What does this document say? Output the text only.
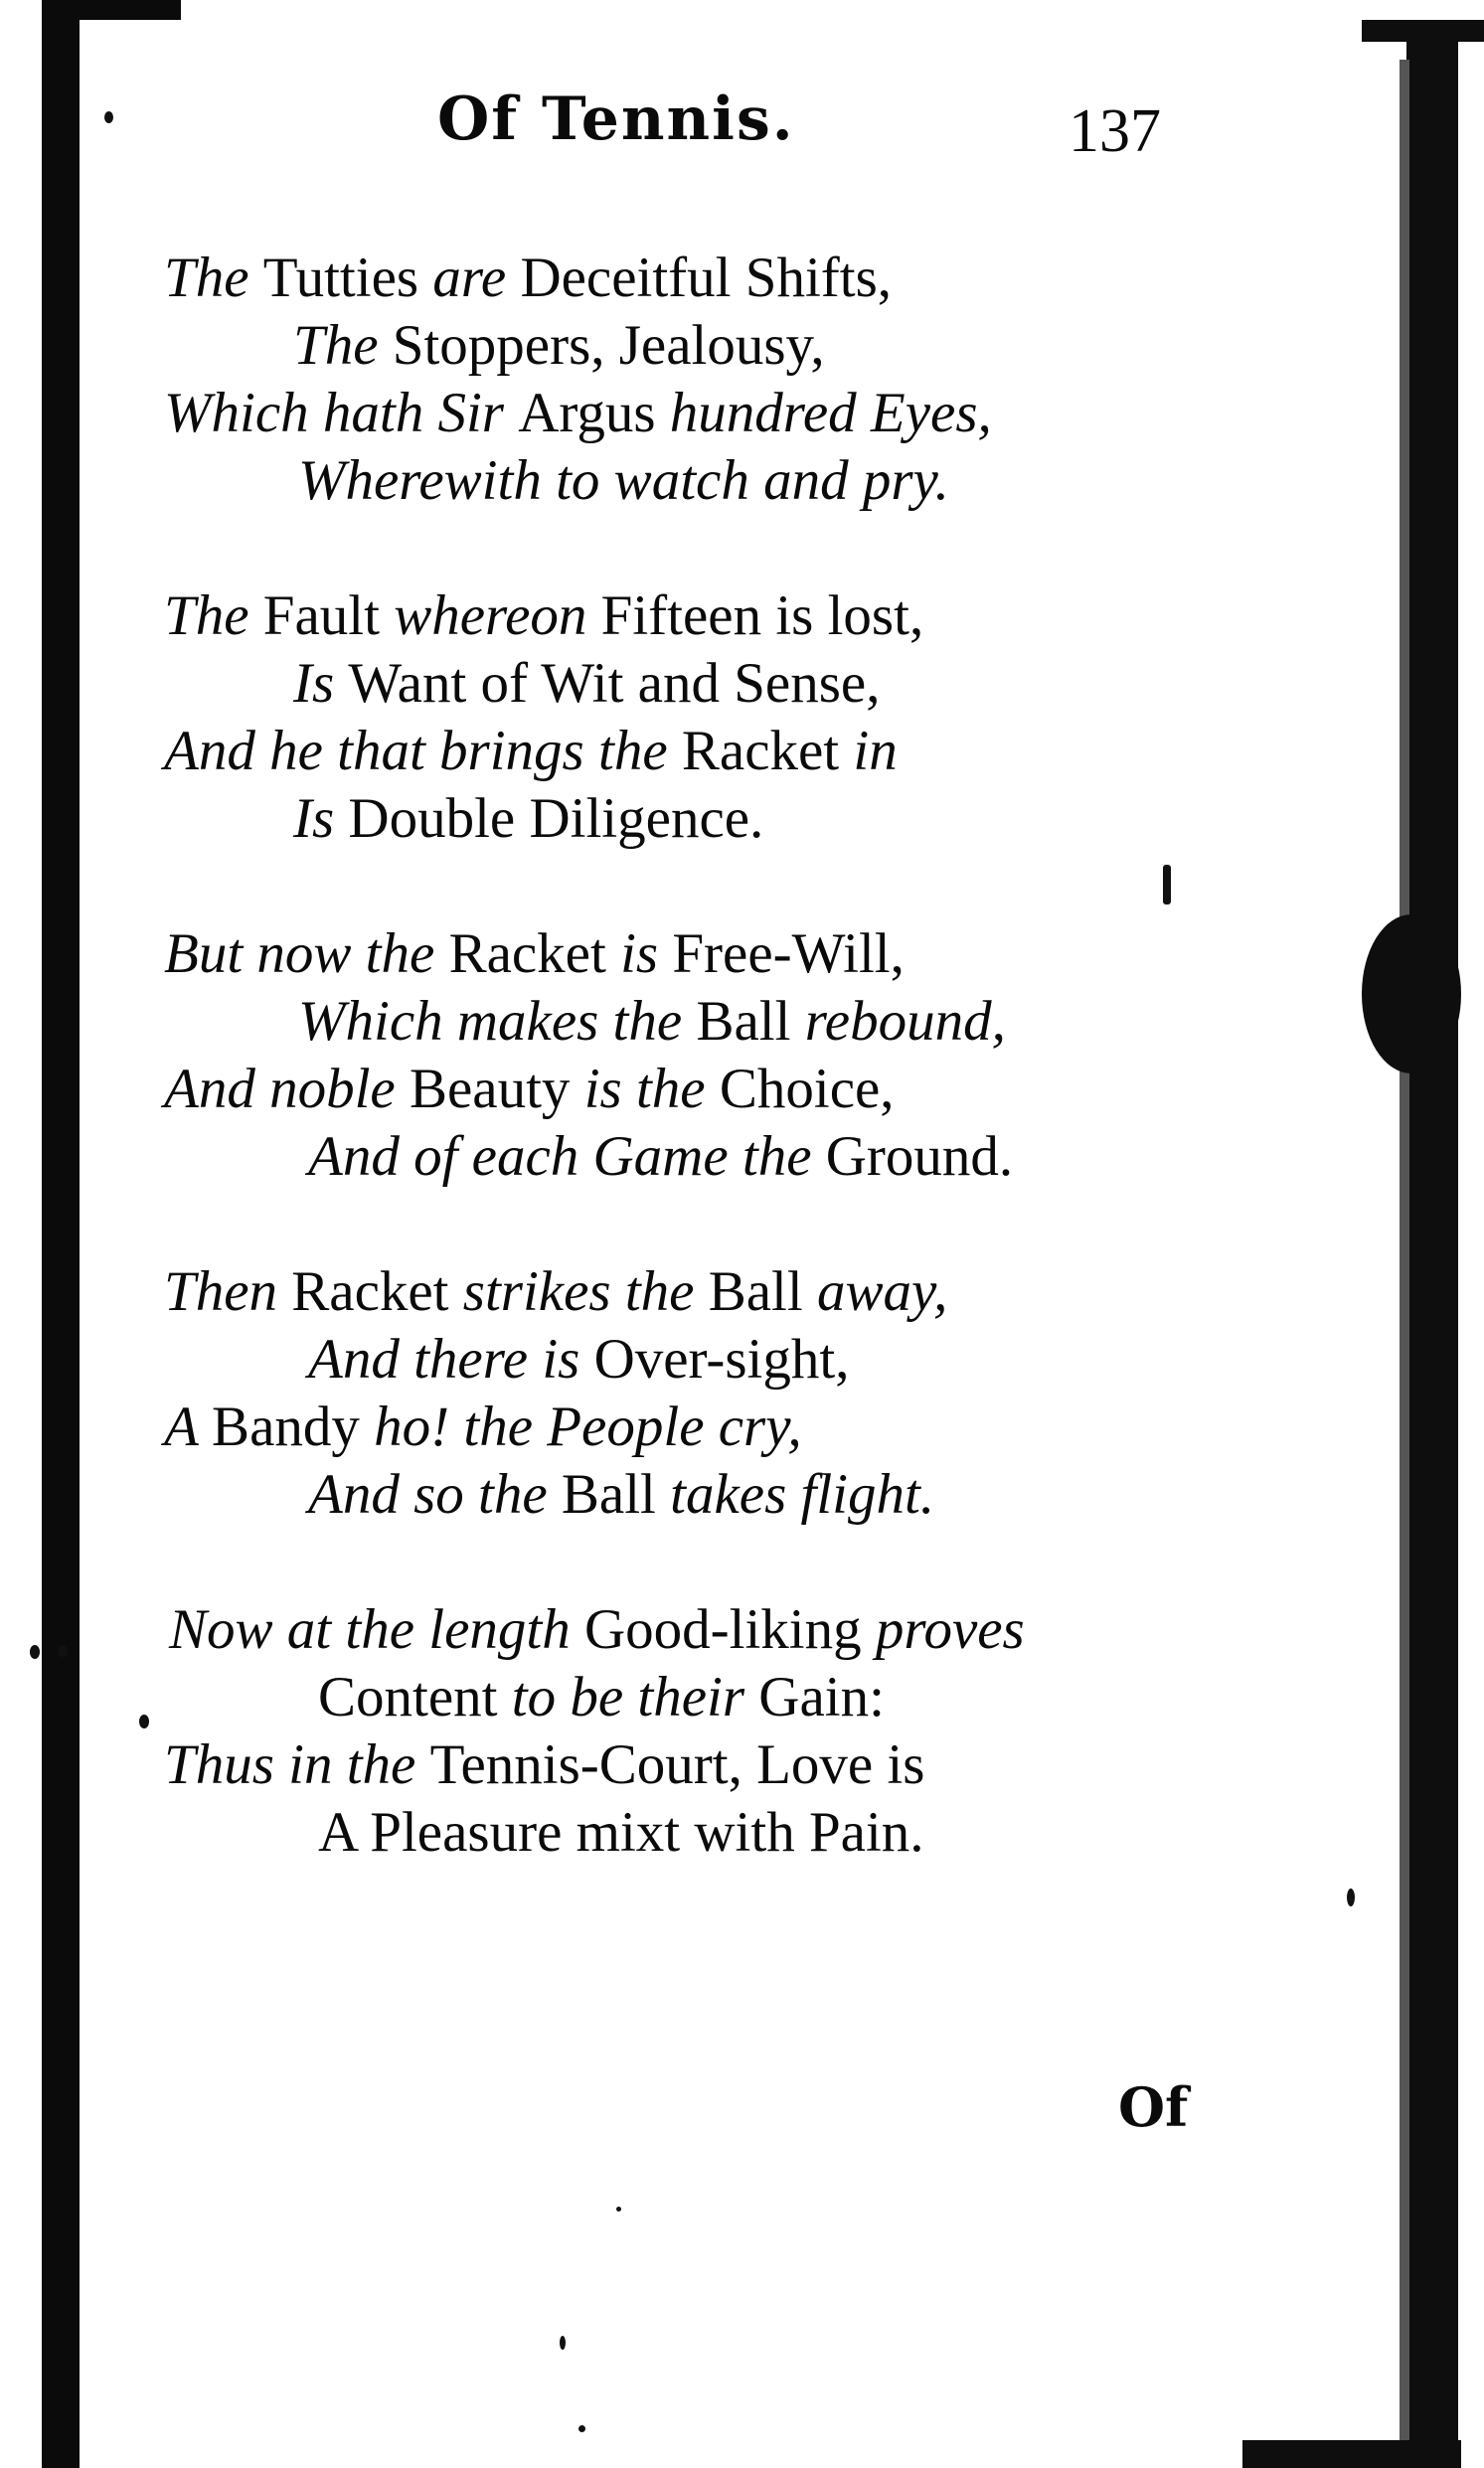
Of Tennis.	137
The Tutties are Deceitful Shifts,
The Stoppers, Jealousy,
Which hath Sir Argus hundred Eyes,
Wherewith to watch and pry.
The Fault whereon Fifteen is lost,
Is Want of Wit and Sense,
And he that brings the Racket in
Is Double Diligence.
But now the Racket is Free-Will,
Which makes the Ball rebound,
And noble Beauty is the Choice,
And of each Game the Ground.
Then Racket strikes the Ball away,
And there is Over-sight,
A Bandy ho! the People cry,
And so the Ball takes flight.
Now at the length Good-liking proves
Content to be their Gain:
Thus in the Tennis-Court, Love is
A Pleasure mixt with Pain.
Of
